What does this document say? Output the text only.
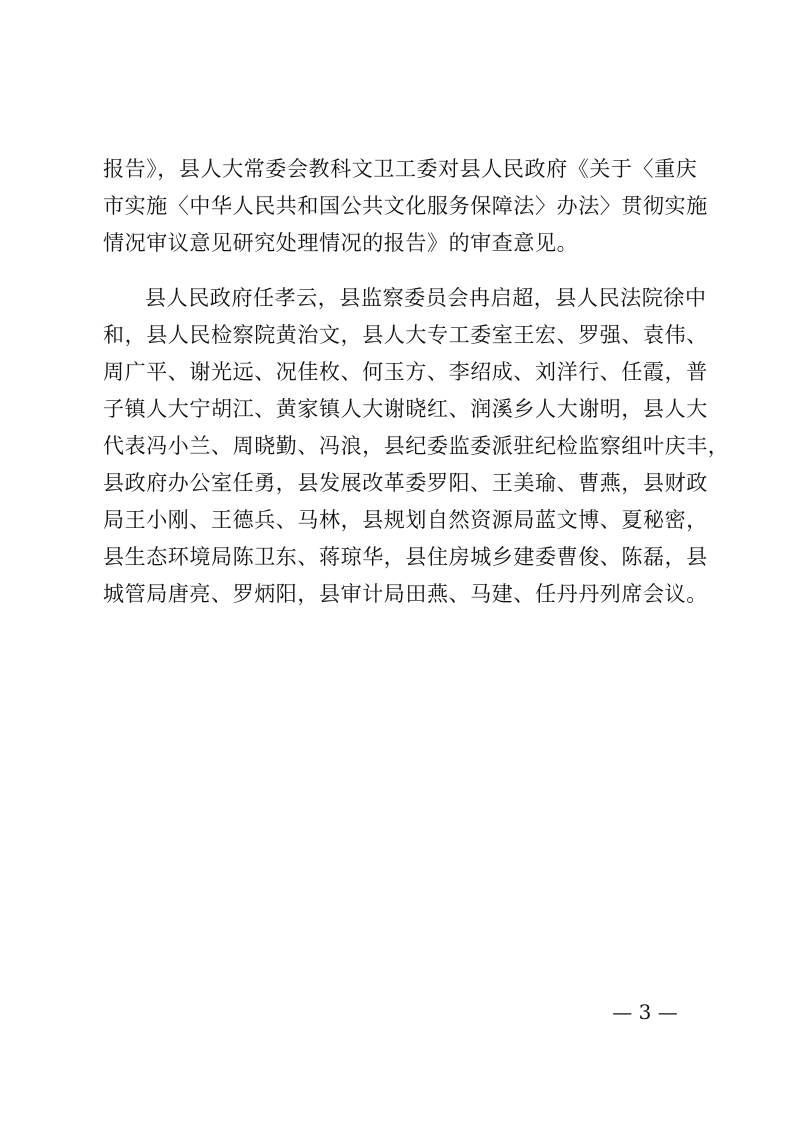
报告》，县人大常委会教科文卫工委对县人民政府《关于〈重庆
市实施〈中华人民共和国公共文化服务保障法〉办法〉贯彻实施
情况审议意见研究处理情况的报告》的审查意见。
县人民政府任孝云，县监察委员会冉启超，县人民法院徐中
和，县人民检察院黄治文，县人大专工委室王宏、罗强、袁伟、
周广平、谢光远、况佳枚、何玉方、李绍成、刘洋行、任霞，普
子镇人大宁胡江、黄家镇人大谢晓红、润溪乡人大谢明，县人大
代表冯小兰、周晓勤、冯浪，县纪委监委派驻纪检监察组叶庆丰，
县政府办公室任勇，县发展改革委罗阳、王美瑜、曹燕，县财政
局王小刚、王德兵、马林，县规划自然资源局蓝文博、夏秘密，
县生态环境局陈卫东、蒋琼华，县住房城乡建委曹俊、陈磊，县
城管局唐亮、罗炳阳，县审计局田燕、马建、任丹丹列席会议。
— 3 —
